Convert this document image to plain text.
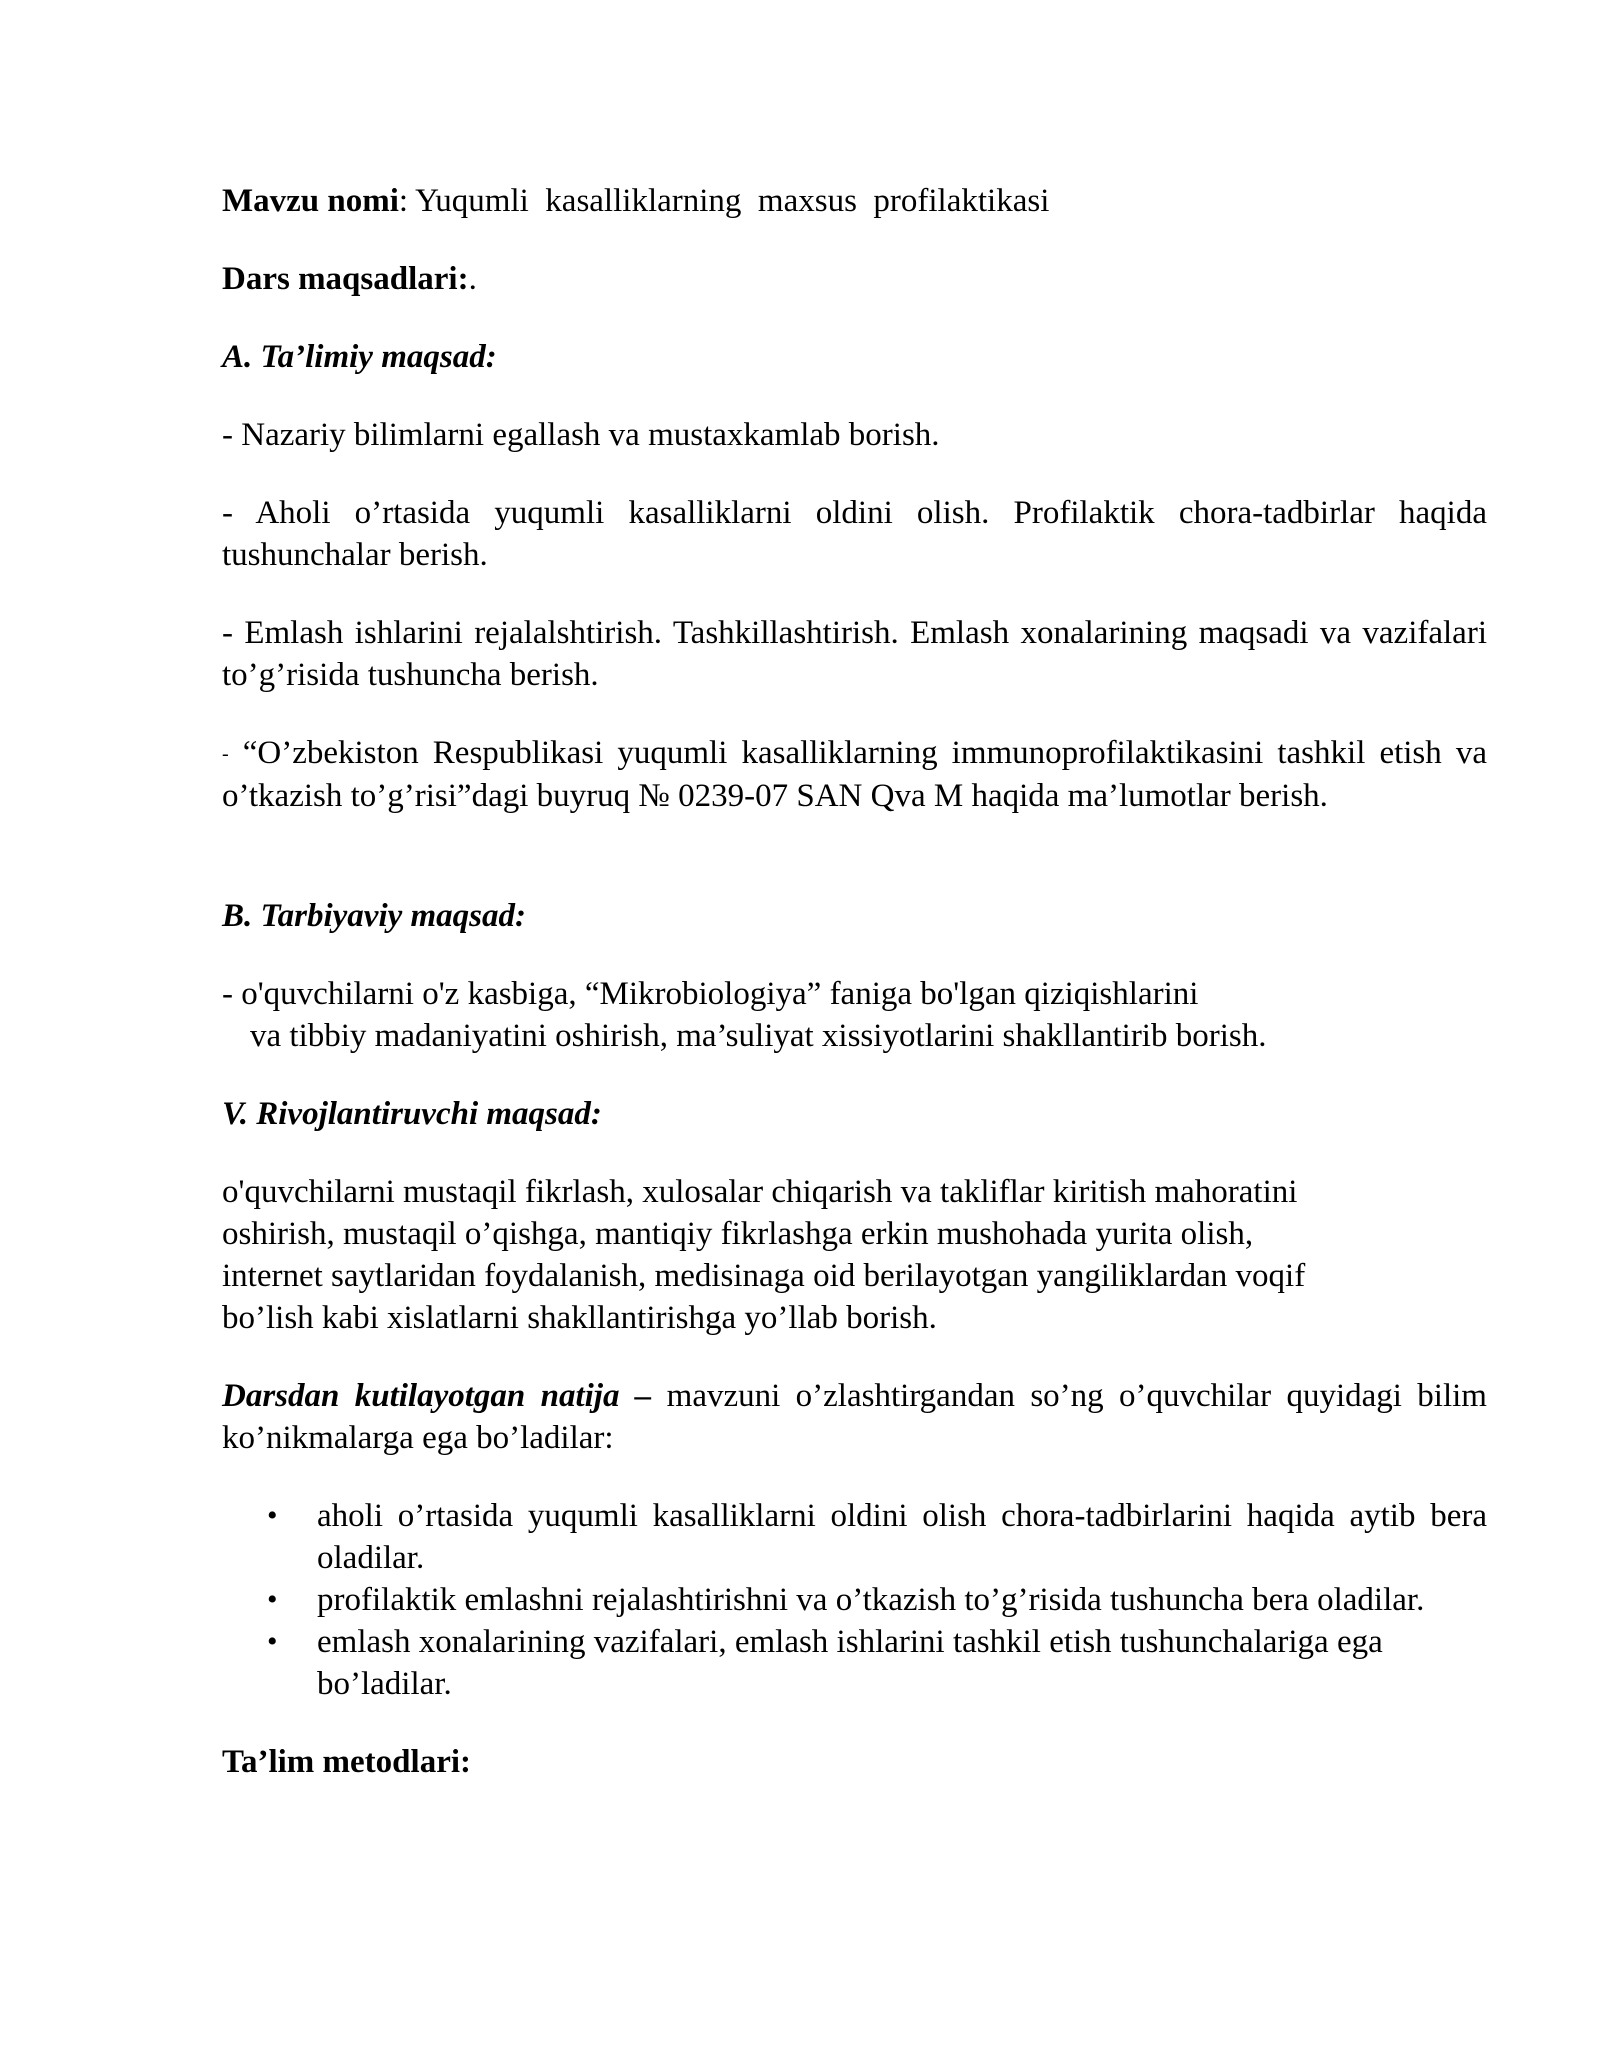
Mavzu nomi: Yuqumli  kasalliklarning  maxsus  profilaktikasi

Dars maqsadlari:.

A. Ta’limiy maqsad:

- Nazariy bilimlarni egallash va mustaxkamlab borish.

- Aholi o’rtasida yuqumli kasalliklarni oldini olish. Profilaktik chora-tadbirlar haqida tushunchalar berish.

- Emlash ishlarini rejalalshtirish. Tashkillashtirish. Emlash xonalarining maqsadi va vazifalari to’g’risida tushuncha berish.

- “O’zbekiston Respublikasi yuqumli kasalliklarning immunoprofilaktikasini tashkil etish va o’tkazish to’g’risi”dagi buyruq № 0239-07 SAN Qva M haqida ma’lumotlar berish.

B. Tarbiyaviy maqsad:

- o'quvchilarni o'z kasbiga, “Mikrobiologiya” faniga bo'lgan qiziqishlarini

va tibbiy madaniyatini oshirish, ma’suliyat xissiyotlarini shakllantirib borish.

V. Rivojlantiruvchi maqsad:

o'quvchilarni mustaqil fikrlash, xulosalar chiqarish va takliflar kiritish mahoratini

oshirish, mustaqil o’qishga, mantiqiy fikrlashga erkin mushohada yurita olish,

internet saytlaridan foydalanish, medisinaga oid berilayotgan yangiliklardan voqif

bo’lish kabi xislatlarni shakllantirishga yo’llab borish.

Darsdan kutilayotgan natija – mavzuni o’zlashtirgandan so’ng o’quvchilar quyidagi bilim ko’nikmalarga ega bo’ladilar:

• aholi o’rtasida yuqumli kasalliklarni oldini olish chora-tadbirlarini haqida aytib bera oladilar.
• profilaktik emlashni rejalashtirishni va o’tkazish to’g’risida tushuncha bera oladilar.
• emlash xonalarining vazifalari, emlash ishlarini tashkil etish tushunchalariga ega bo’ladilar.

Ta’lim metodlari:
